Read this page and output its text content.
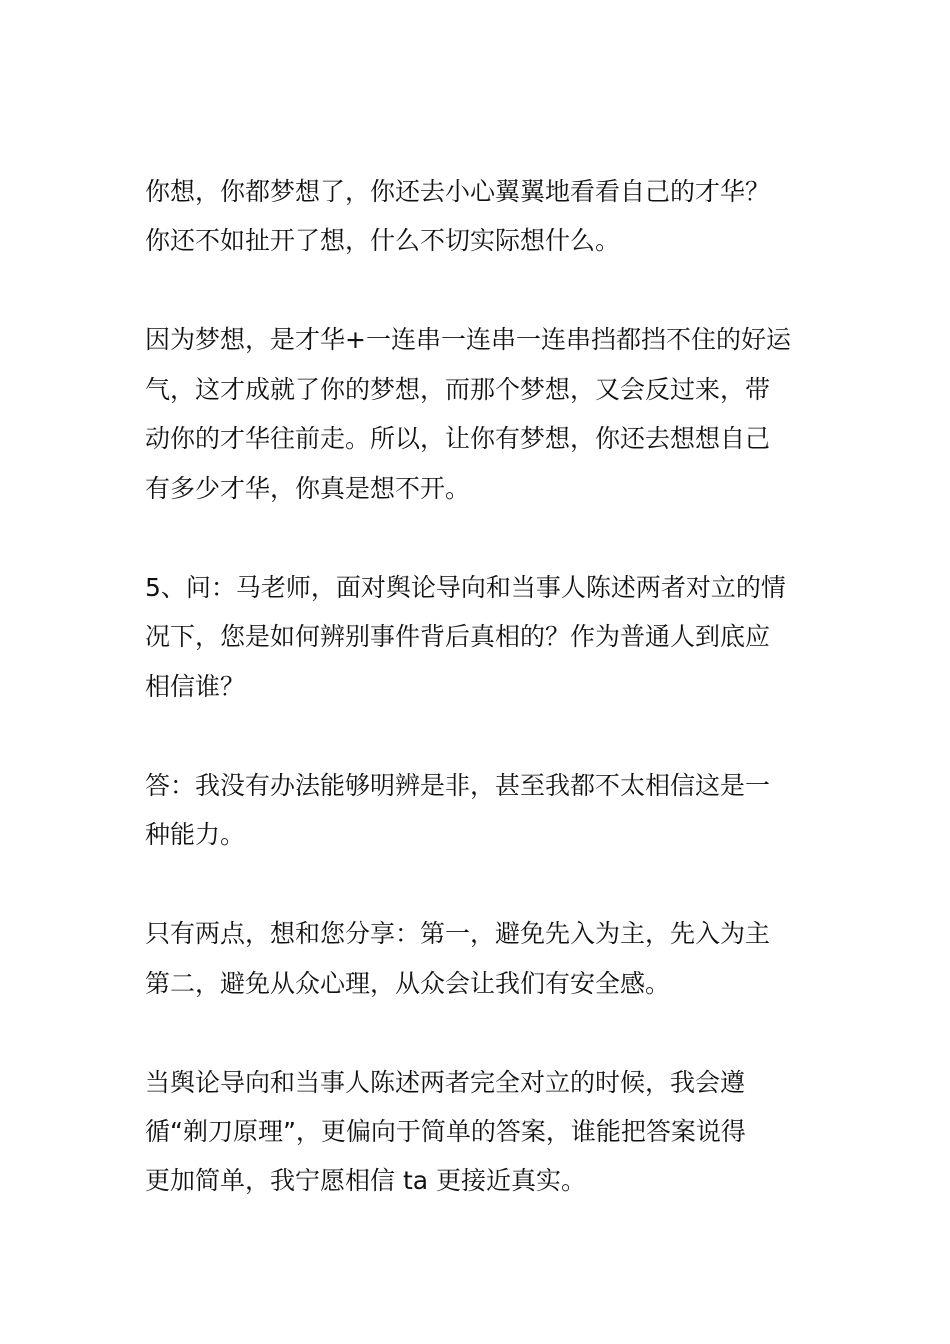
你想，你都梦想了，你还去小心翼翼地看看自己的才华？
你还不如扯开了想，什么不切实际想什么。
因为梦想，是才华+一连串一连串一连串挡都挡不住的好运
气，这才成就了你的梦想，而那个梦想，又会反过来，带
动你的才华往前走。所以，让你有梦想，你还去想想自己
有多少才华，你真是想不开。
5、问：马老师，面对舆论导向和当事人陈述两者对立的情
况下，您是如何辨别事件背后真相的？作为普通人到底应
相信谁？
答：我没有办法能够明辨是非，甚至我都不太相信这是一
种能力。
只有两点，想和您分享：第一，避免先入为主，先入为主
第二，避免从众心理，从众会让我们有安全感。
当舆论导向和当事人陈述两者完全对立的时候，我会遵
循“剃刀原理”，更偏向于简单的答案，谁能把答案说得
更加简单，我宁愿相信 ta 更接近真实。
